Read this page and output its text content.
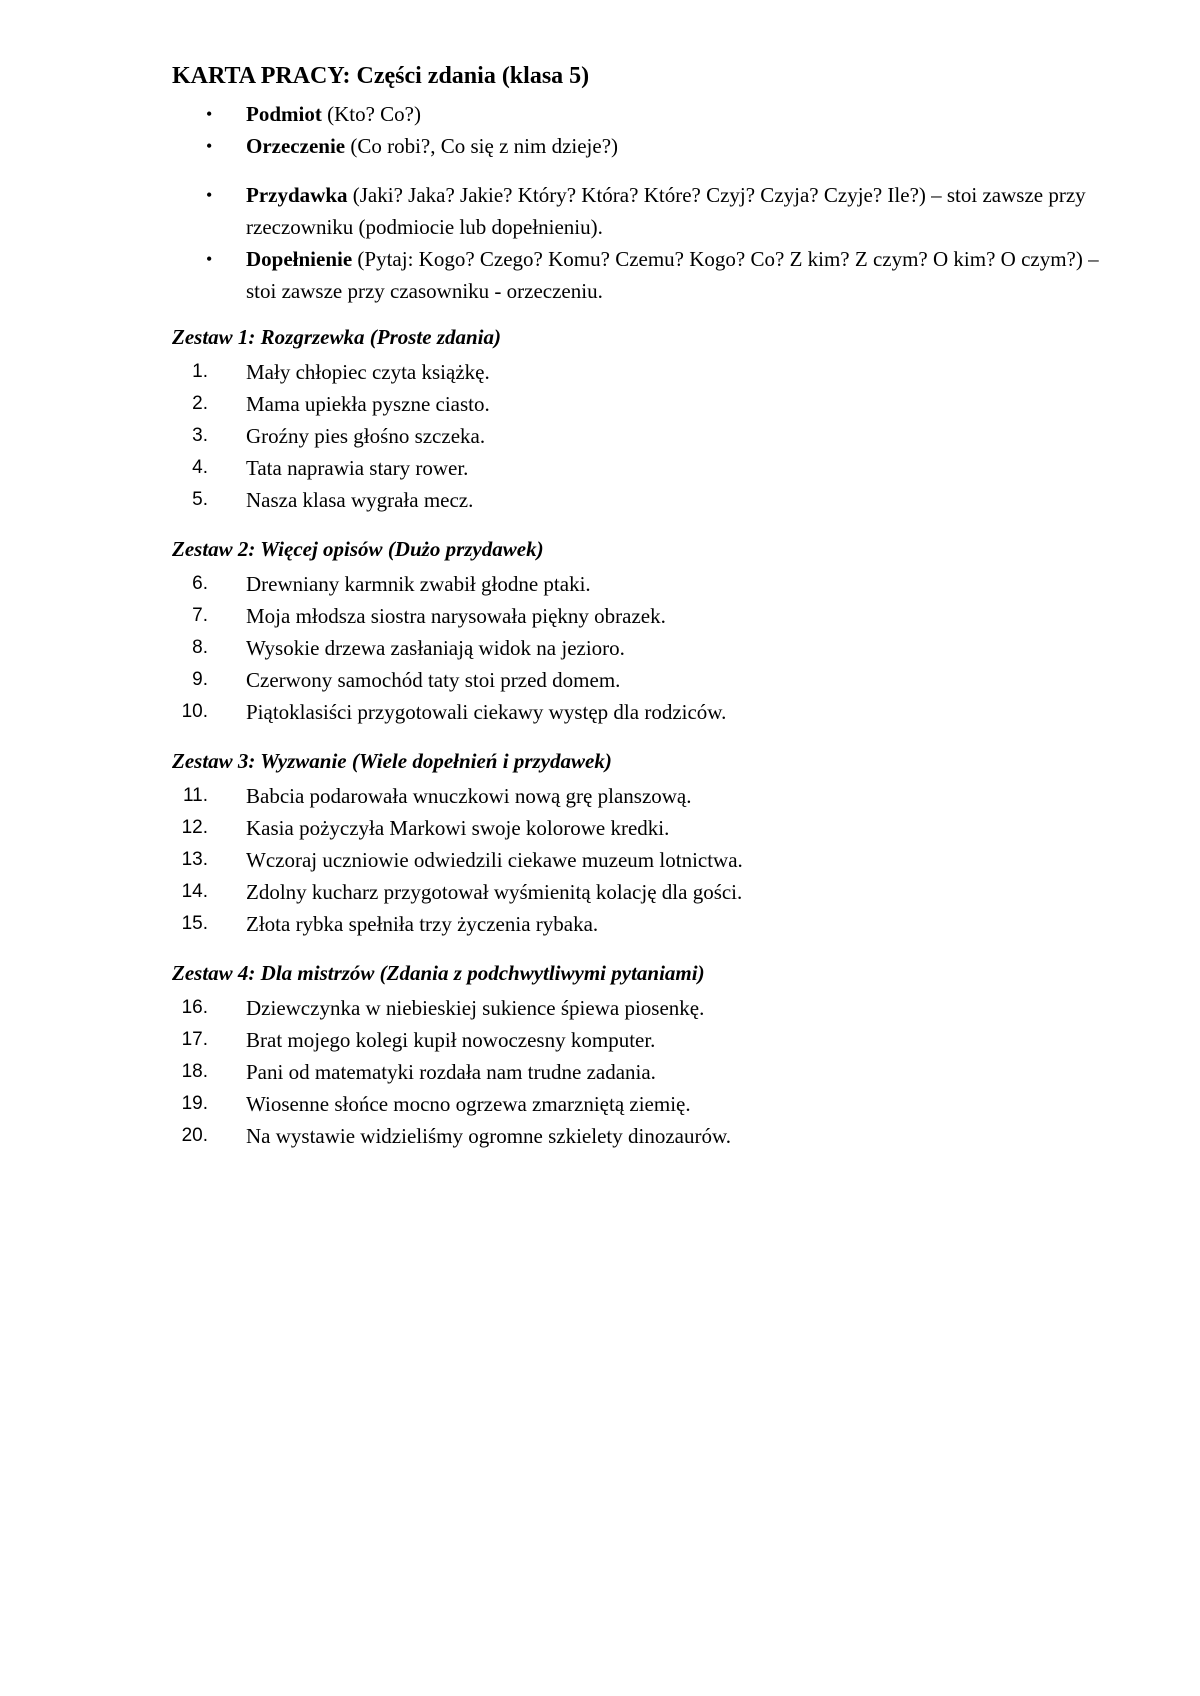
KARTA PRACY: Części zdania (klasa 5)
• Podmiot (Kto? Co?)
• Orzeczenie (Co robi?, Co się z nim dzieje?)
• Przydawka (Jaki? Jaka? Jakie? Który? Która? Które? Czyj? Czyja? Czyje? Ile?) – stoi zawsze przy rzeczowniku (podmiocie lub dopełnieniu).
• Dopełnienie (Pytaj: Kogo? Czego? Komu? Czemu? Kogo? Co? Z kim? Z czym? O kim? O czym?) – stoi zawsze przy czasowniku - orzeczeniu.
Zestaw 1: Rozgrzewka (Proste zdania)
1. Mały chłopiec czyta książkę.
2. Mama upiekła pyszne ciasto.
3. Groźny pies głośno szczeka.
4. Tata naprawia stary rower.
5. Nasza klasa wygrała mecz.
Zestaw 2: Więcej opisów (Dużo przydawek)
6. Drewniany karmnik zwabił głodne ptaki.
7. Moja młodsza siostra narysowała piękny obrazek.
8. Wysokie drzewa zasłaniają widok na jezioro.
9. Czerwony samochód taty stoi przed domem.
10. Piątoklasiści przygotowali ciekawy występ dla rodziców.
Zestaw 3: Wyzwanie (Wiele dopełnień i przydawek)
11. Babcia podarowała wnuczkowi nową grę planszową.
12. Kasia pożyczyła Markowi swoje kolorowe kredki.
13. Wczoraj uczniowie odwiedzili ciekawe muzeum lotnictwa.
14. Zdolny kucharz przygotował wyśmienitą kolację dla gości.
15. Złota rybka spełniła trzy życzenia rybaka.
Zestaw 4: Dla mistrzów (Zdania z podchwytliwymi pytaniami)
16. Dziewczynka w niebieskiej sukience śpiewa piosenkę.
17. Brat mojego kolegi kupił nowoczesny komputer.
18. Pani od matematyki rozdała nam trudne zadania.
19. Wiosenne słońce mocno ogrzewa zmarzniętą ziemię.
20. Na wystawie widzieliśmy ogromne szkielety dinozaurów.
